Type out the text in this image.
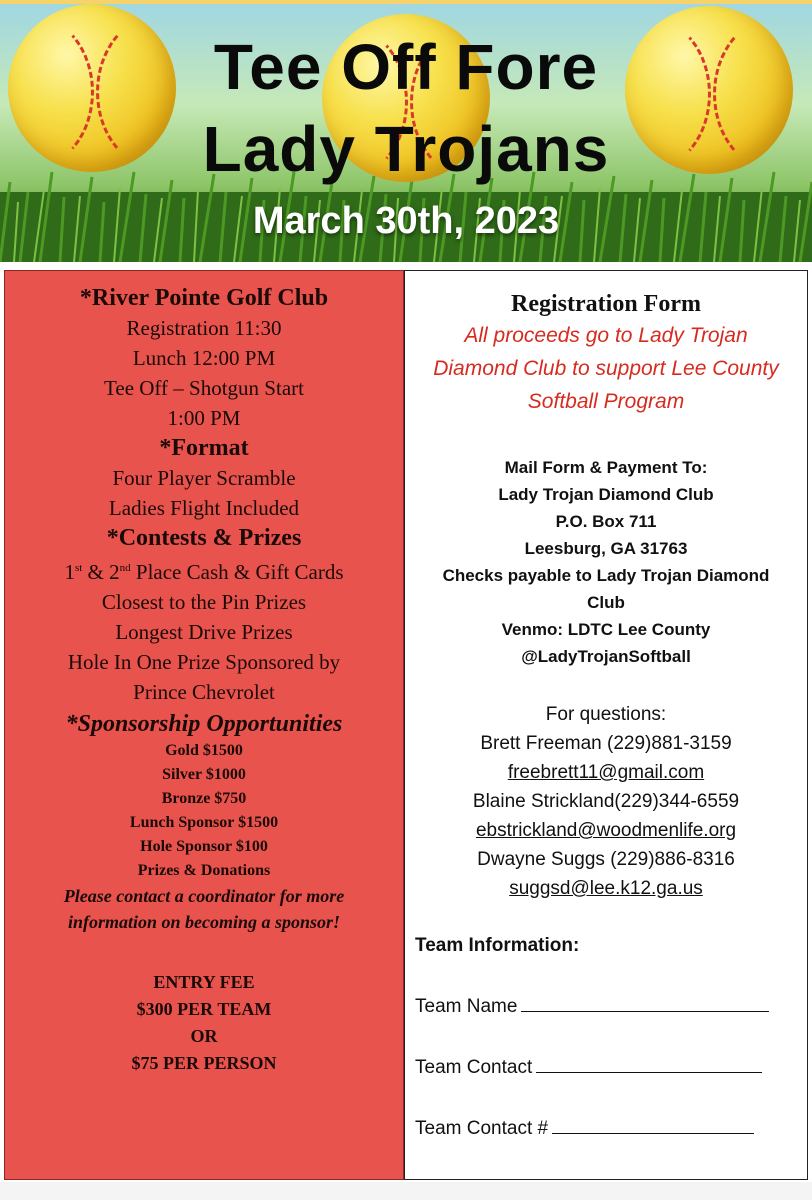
Tee Off Fore
Lady Trojans
March 30th, 2023

*River Pointe Golf Club

Registration 11:30

Lunch 12:00 PM

Tee Off – Shotgun Start

1:00 PM

*Format

Four Player Scramble

Ladies Flight Included

*Contests & Prizes

1st & 2nd Place Cash & Gift Cards

Closest to the Pin Prizes

Longest Drive Prizes

Hole In One Prize Sponsored by

Prince Chevrolet

*Sponsorship Opportunities

Gold $1500

Silver $1000

Bronze $750

Lunch Sponsor $1500

Hole Sponsor $100

Prizes & Donations

Please contact a coordinator for more

information on becoming a sponsor!

ENTRY FEE

$300 PER TEAM

OR

$75 PER PERSON

Registration Form

All proceeds go to Lady Trojan Diamond Club to support Lee County Softball Program

Mail Form & Payment To:

Lady Trojan Diamond Club

P.O. Box 711

Leesburg, GA 31763

Checks payable to Lady Trojan Diamond

Club

Venmo: LDTC Lee County

@LadyTrojanSoftball

For questions:

Brett Freeman (229)881-3159

freebrett11@gmail.com

Blaine Strickland(229)344-6559

ebstrickland@woodmenlife.org

Dwayne Suggs (229)886-8316

suggsd@lee.k12.ga.us

Team Information:

Team Name

Team Contact

Team Contact #
